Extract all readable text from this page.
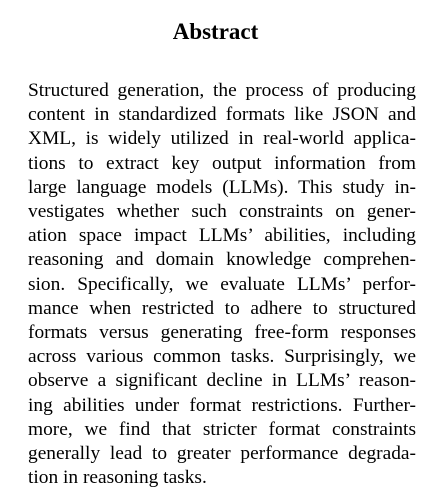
Abstract
Structured generation, the process of producing
content in standardized formats like JSON and
XML, is widely utilized in real-world applica-
tions to extract key output information from
large language models (LLMs). This study in-
vestigates whether such constraints on gener-
ation space impact LLMs’ abilities, including
reasoning and domain knowledge comprehen-
sion. Specifically, we evaluate LLMs’ perfor-
mance when restricted to adhere to structured
formats versus generating free-form responses
across various common tasks. Surprisingly, we
observe a significant decline in LLMs’ reason-
ing abilities under format restrictions. Further-
more, we find that stricter format constraints
generally lead to greater performance degrada-
tion in reasoning tasks.
